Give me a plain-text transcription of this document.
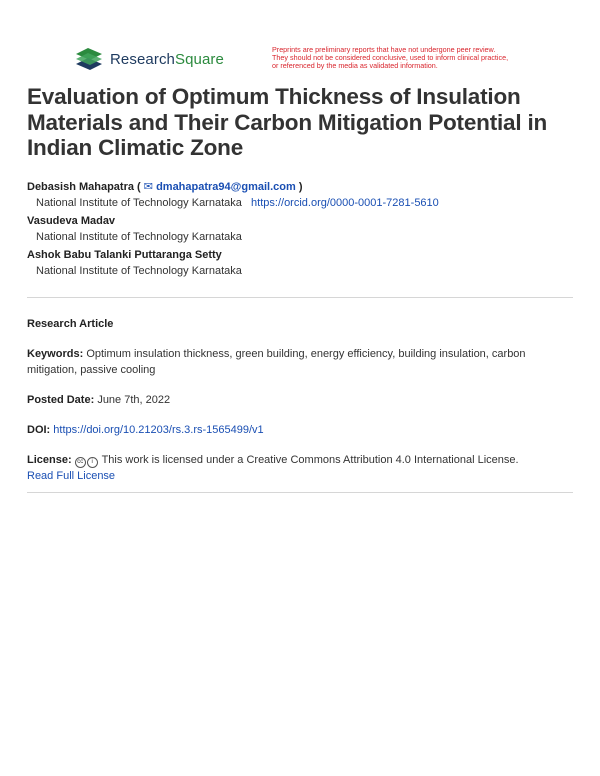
ResearchSquare
Preprints are preliminary reports that have not undergone peer review.
They should not be considered conclusive, used to inform clinical practice,
or referenced by the media as validated information.
Evaluation of Optimum Thickness of Insulation Materials and Their Carbon Mitigation Potential in Indian Climatic Zone
Debasish Mahapatra ( ✉ dmahapatra94@gmail.com )
National Institute of Technology Karnataka https://orcid.org/0000-0001-7281-5610
Vasudeva Madav
National Institute of Technology Karnataka
Ashok Babu Talanki Puttaranga Setty
National Institute of Technology Karnataka
Research Article
Keywords: Optimum insulation thickness, green building, energy efficiency, building insulation, carbon mitigation, passive cooling
Posted Date: June 7th, 2022
DOI: https://doi.org/10.21203/rs.3.rs-1565499/v1
License: cc i This work is licensed under a Creative Commons Attribution 4.0 International License.
Read Full License
